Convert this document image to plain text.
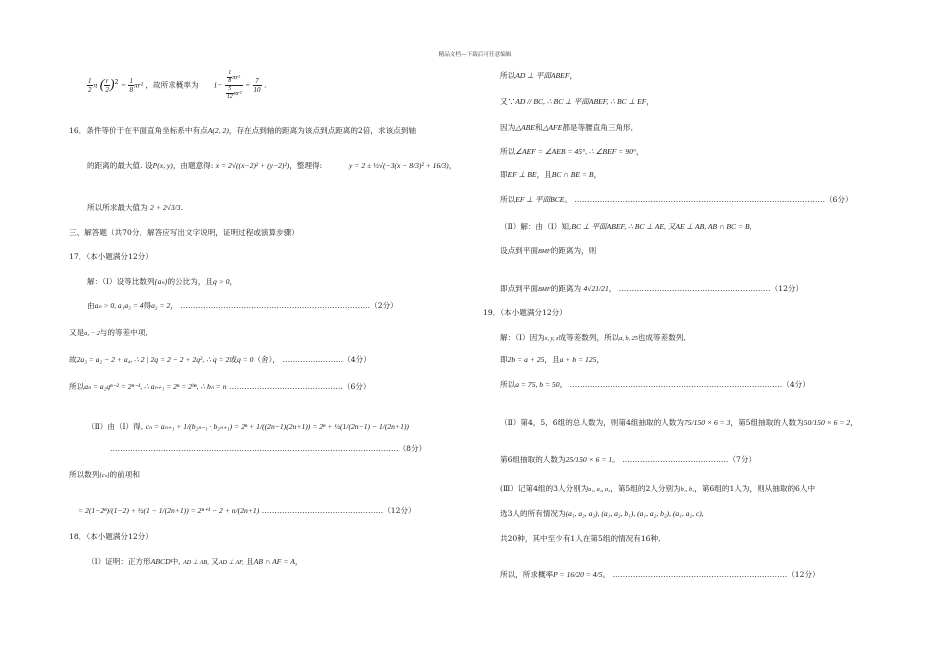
精品文档---下载后可任意编辑
$\frac{1}{2}$ π ( $\frac{r}{2} )^2 = \frac{1}{8} \pi r^2$ ，故所求概率为 $1- \frac{\frac{1}{8} \pi r^2}{\frac{5}{12} \pi r^2} = \frac{7}{10}$ .
16．条件等价于在平面直角坐标系中有点A(2, 2)，存在点到轴的距离为该点到点距离的2倍，求该点到轴
的距离的最大值. 设P(x, y)，由题意得: x = 2√((x−2)² + (y−2)²)，整理得:	y = 2 ± ½√(−3(x − 8/3)² + 16/3)，
所以所求最大值为 2 + 2√3/3.
三、解答题（共70分．解答应写出文字说明，证明过程或演算步骤）
17．（本小题满分12分）
解：（Ⅰ）设等比数列{aₙ}的公比为，且q > 0，
由aₙ > 0, a₁a₃ = 4得a₂ = 2， …………………………………………………………………（2分）
又是a₃ − 2与的等差中项,
故2a₃ = a₂ − 2 + a₄, ∴ 2 | 2q = 2 − 2 + 2q², ∴ q = 2或q = 0（舍）， ……………………（4分）
所以aₙ = a₂qⁿ⁻² = 2ⁿ⁻¹, ∴ aₙ₊₁ = 2ⁿ = 2ᵇⁿ, ∴ bₙ = n ………………………………………（6分）
（Ⅱ）由（Ⅰ）得, cₙ = aₙ₊₁ + 1/(b₂ₙ₋₁ · b₂ₙ₊₁) = 2ⁿ + 1/((2n−1)(2n+1)) = 2ⁿ + ½(1/(2n−1) − 1/(2n+1))
……………………………………………………………………………………………………（8分）
所以数列{cₙ}的前项和
= 2(1−2ⁿ)/(1−2) + ½(1 − 1/(2n+1)) = 2ⁿ⁺¹ − 2 + n/(2n+1) …………………………………………（12分）
18．（本小题满分12分）
（Ⅰ）证明：正方形ABCD中, AD ⊥ AB, 又AD ⊥ AF, 且AB ∩ AF = A，
所以AD ⊥ 平面ABEF，
又∵AD // BC, ∴ BC ⊥ 平面ABEF, ∴ BC ⊥ EF，
因为△ABE和△AFE都是等腰直角三角形,
所以∠AEF = ∠AEB = 45°, ∴ ∠BEF = 90°，
即EF ⊥ BE，且BC ∩ BE = B，
所以EF ⊥ 平面BCE。 ………………………………………………………………………………………（6分）
（Ⅱ）解：由（Ⅰ）知,BC ⊥ 平面ABEF, ∴ BC ⊥ AE, 又AE ⊥ AB, AB ∩ BC = B,
设点到平面BMF的距离为，则
即点到平面BMF的距离为 4√21/21， ……………………………………………………（12分）
19．（本小题满分12分）
解：（Ⅰ）因为x, y, z成等差数列，所以a, b, 25也成等差数列,
即2b = a + 25，且a + b = 125，
所以a = 75, b = 50。 …………………………………………………………………………（4分）
（Ⅱ）第4，5，6组的总人数为，则第4组抽取的人数为75/150 × 6 = 3，第5组抽取的人数为50/150 × 6 = 2，
第6组抽取的人数为25/150 × 6 = 1。 ……………………………………（7分）
(Ⅲ）记第4组的3人分别为a₁, a₂, a₃，第5组的2人分别为b₁, b₂，第6组的1人为，则从抽取的6人中
选3人的所有情况为(a₁, a₂, a₃), (a₁, a₂, b₁), (a₁, a₂, b₂), (a₁, a₂, c),
共20种，其中至少有1人在第5组的情况有16种,
所以，所求概率P = 16/20 = 4/5。 ……………………………………………………………（12分）
